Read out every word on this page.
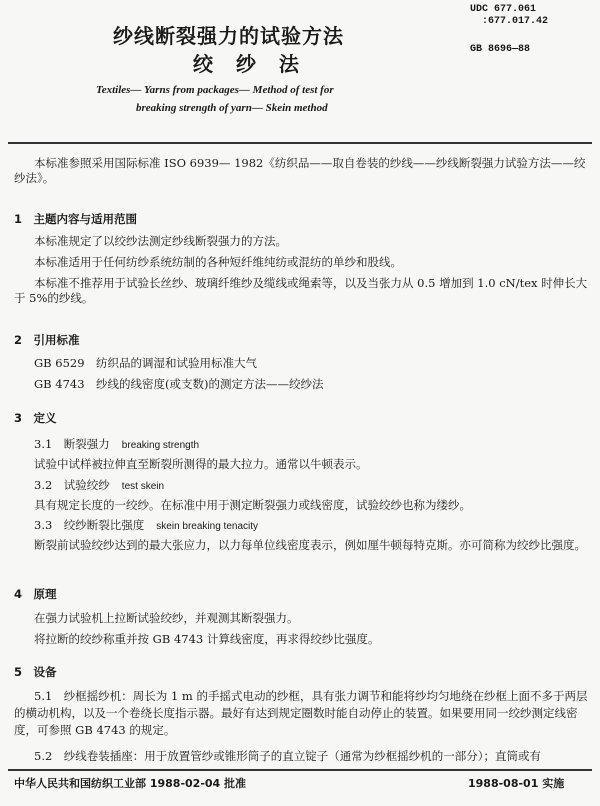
UDC 677.061
:677.017.42
GB 8696—88
纱线断裂强力的试验方法
绞 纱 法
Textiles— Yarns from packages— Method of test for
breaking strength of yarn— Skein method
本标准参照采用国际标准 ISO 6939— 1982《纺织品——取自卷装的纱线——纱线断裂强力试验方法——绞纱法》。
1　主题内容与适用范围
本标准规定了以绞纱法测定纱线断裂强力的方法。
本标准适用于任何纺纱系统纺制的各种短纤维纯纺或混纺的单纱和股线。
本标准不推荐用于试验长丝纱、玻璃纤维纱及缆线或绳索等，以及当张力从 0.5 增加到 1.0 cN/tex 时伸长大于 5%的纱线。
2　引用标准
GB 6529　纺织品的调湿和试验用标准大气
GB 4743　纱线的线密度(或支数)的测定方法——绞纱法
3　定义
3.1　断裂强力 breaking strength
试验中试样被拉伸直至断裂所测得的最大拉力。通常以牛顿表示。
3.2　试验绞纱 test skein
具有规定长度的一绞纱。在标准中用于测定断裂强力或线密度，试验绞纱也称为缕纱。
3.3　绞纱断裂比强度 skein breaking tenacity
断裂前试验绞纱达到的最大张应力，以力每单位线密度表示，例如厘牛顿每特克斯。亦可简称为绞纱比强度。
4　原理
在强力试验机上拉断试验绞纱，并观测其断裂强力。
将拉断的绞纱称重并按 GB 4743 计算线密度，再求得绞纱比强度。
5　设备
5.1　纱框摇纱机：周长为 1 m 的手摇式电动的纱框，具有张力调节和能将纱均匀地绕在纱框上面不多于两层的横动机构，以及一个卷绕长度指示器。最好有达到规定圈数时能自动停止的装置。如果要用同一绞纱测定线密度，可参照 GB 4743 的规定。
5.2　纱线卷装插座：用于放置管纱或锥形筒子的直立锭子（通常为纱框摇纱机的一部分）；直筒或有
中华人民共和国纺织工业部 1988-02-04 批准	1988-08-01 实施
